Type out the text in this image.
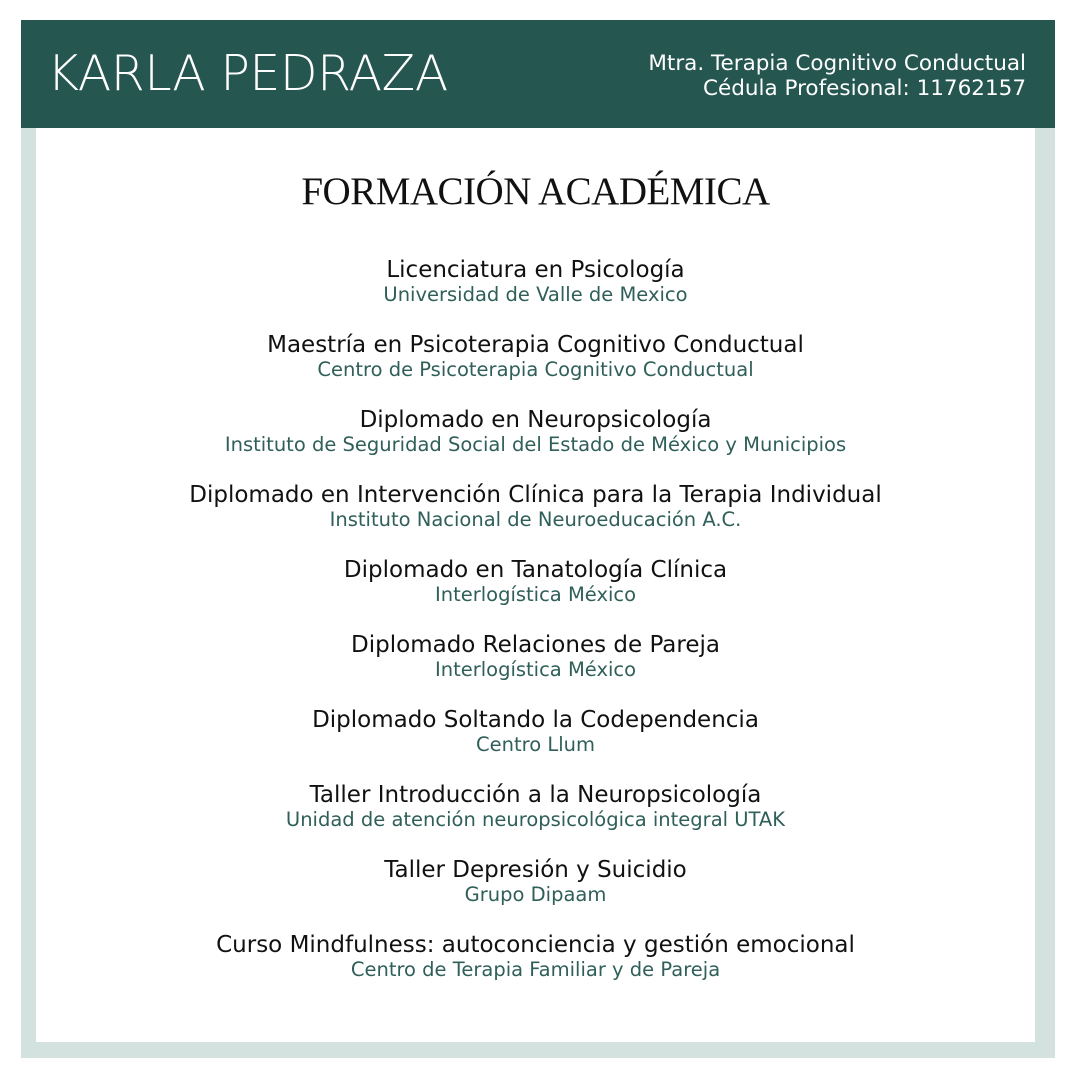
KARLA PEDRAZA	Mtra. Terapia Cognitivo Conductual
Cédula Profesional: 11762157
FORMACIÓN ACADÉMICA
Licenciatura en Psicología
Universidad de Valle de Mexico
Maestría en Psicoterapia Cognitivo Conductual
Centro de Psicoterapia Cognitivo Conductual
Diplomado en Neuropsicología
Instituto de Seguridad Social del Estado de México y Municipios
Diplomado en Intervención Clínica para la Terapia Individual
Instituto Nacional de Neuroeducación A.C.
Diplomado en Tanatología Clínica
Interlogística México
Diplomado Relaciones de Pareja
Interlogística México
Diplomado Soltando la Codependencia
Centro Llum
Taller Introducción a la Neuropsicología
Unidad de atención neuropsicológica integral UTAK
Taller Depresión y Suicidio
Grupo Dipaam
Curso Mindfulness: autoconciencia y gestión emocional
Centro de Terapia Familiar y de Pareja
